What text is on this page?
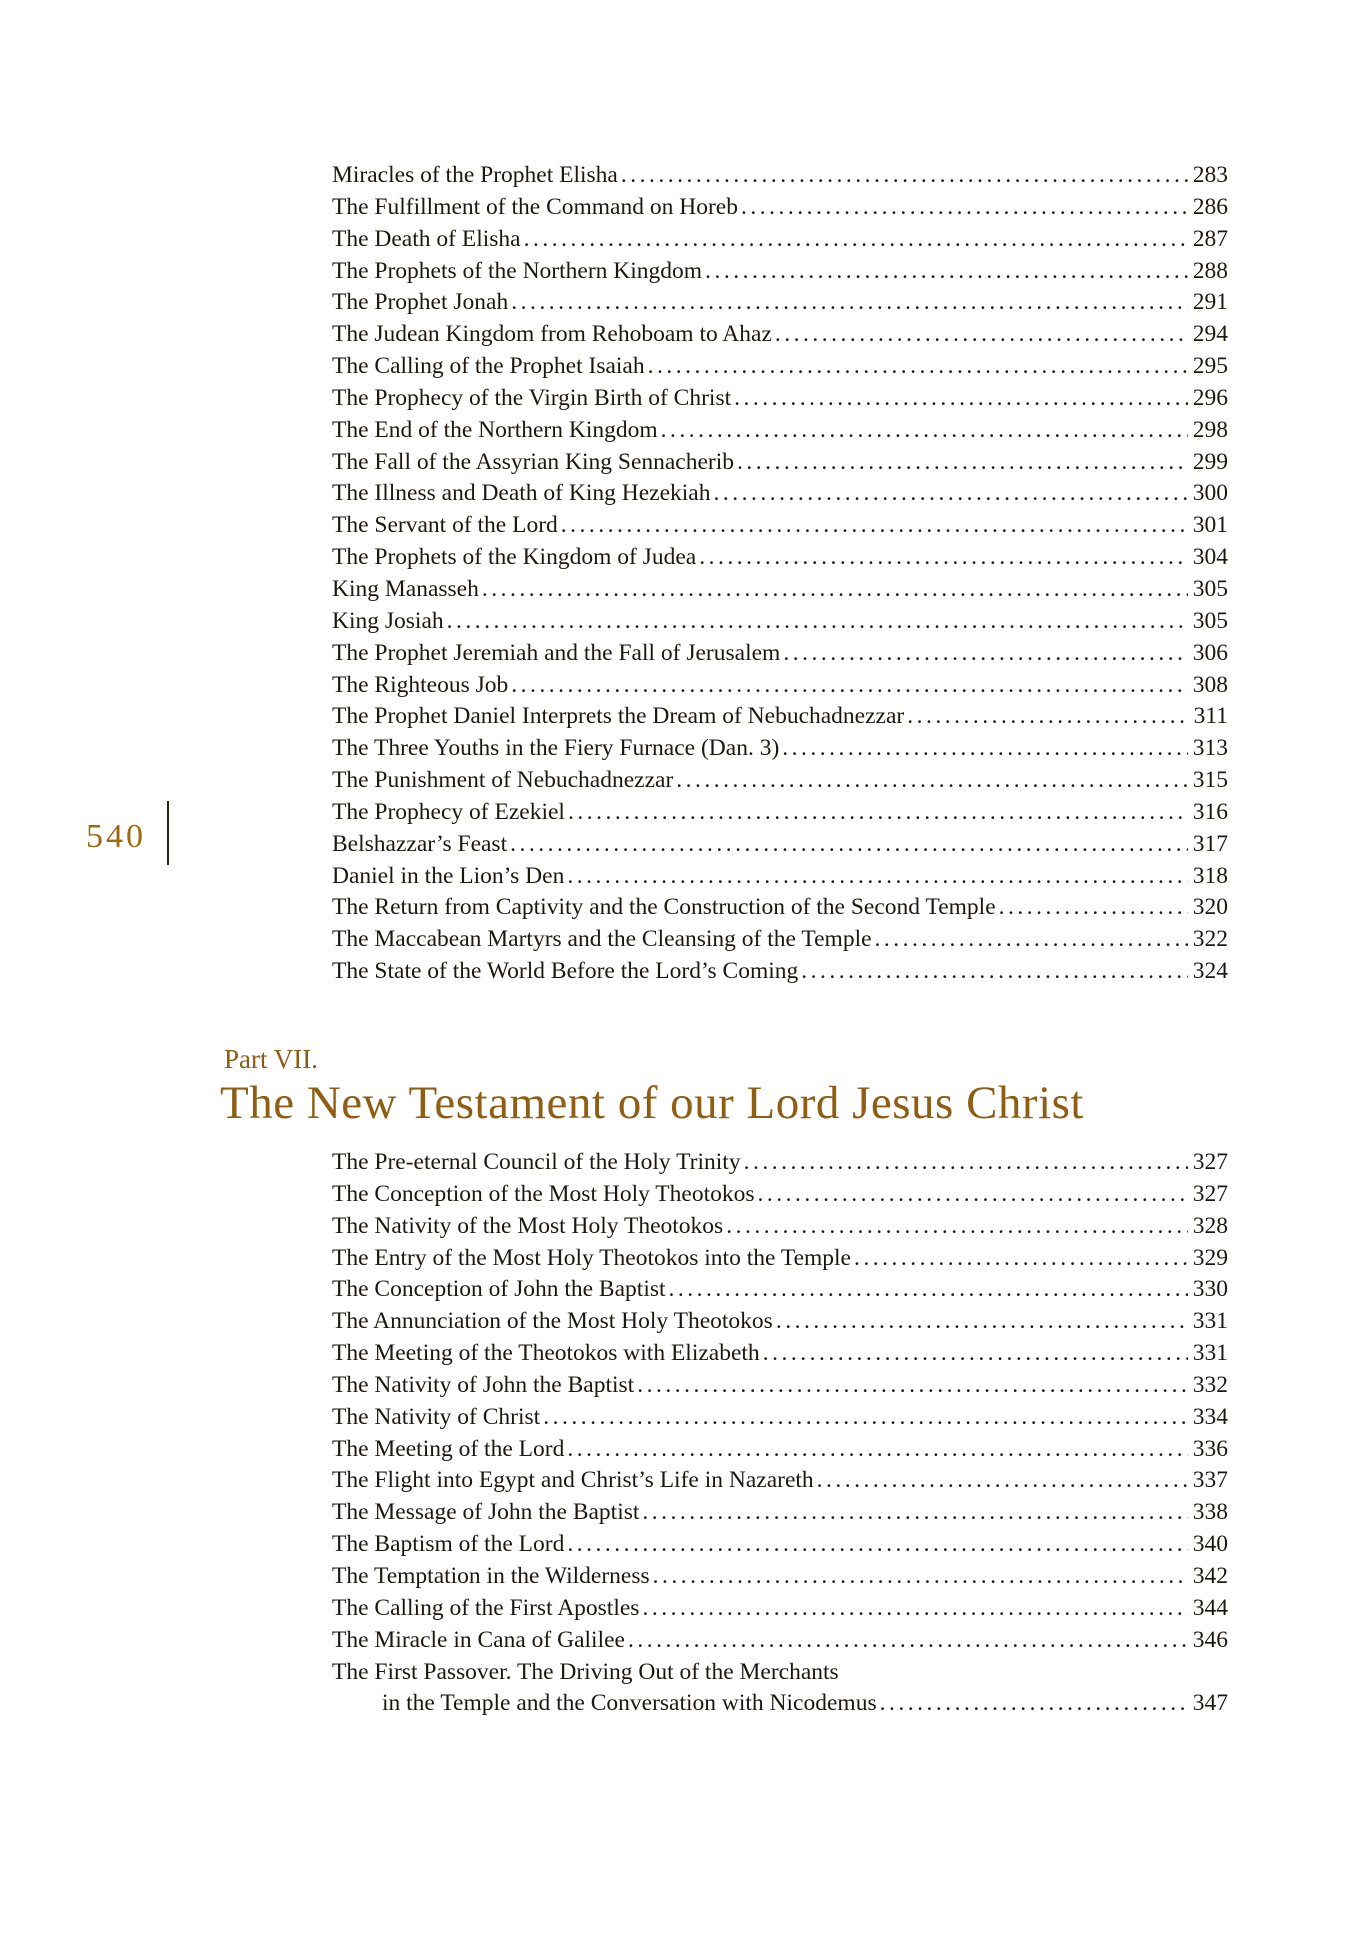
540
Miracles of the Prophet Elisha .....	283
The Fulfillment of the Command on Horeb .....	286
The Death of Elisha .....	287
The Prophets of the Northern Kingdom .....	288
The Prophet Jonah .....	291
The Judean Kingdom from Rehoboam to Ahaz .....	294
The Calling of the Prophet Isaiah .....	295
The Prophecy of the Virgin Birth of Christ .....	296
The End of the Northern Kingdom .....	298
The Fall of the Assyrian King Sennacherib .....	299
The Illness and Death of King Hezekiah .....	300
The Servant of the Lord .....	301
The Prophets of the Kingdom of Judea .....	304
King Manasseh .....	305
King Josiah .....	305
The Prophet Jeremiah and the Fall of Jerusalem .....	306
The Righteous Job .....	308
The Prophet Daniel Interprets the Dream of Nebuchadnezzar .....	311
The Three Youths in the Fiery Furnace (Dan. 3) .....	313
The Punishment of Nebuchadnezzar .....	315
The Prophecy of Ezekiel .....	316
Belshazzar’s Feast .....	317
Daniel in the Lion’s Den .....	318
The Return from Captivity and the Construction of the Second Temple .....	320
The Maccabean Martyrs and the Cleansing of the Temple .....	322
The State of the World Before the Lord’s Coming .....	324
Part VII.
The New Testament of our Lord Jesus Christ
The Pre-eternal Council of the Holy Trinity .....	327
The Conception of the Most Holy Theotokos .....	327
The Nativity of the Most Holy Theotokos .....	328
The Entry of the Most Holy Theotokos into the Temple .....	329
The Conception of John the Baptist .....	330
The Annunciation of the Most Holy Theotokos .....	331
The Meeting of the Theotokos with Elizabeth .....	331
The Nativity of John the Baptist .....	332
The Nativity of Christ .....	334
The Meeting of the Lord .....	336
The Flight into Egypt and Christ’s Life in Nazareth .....	337
The Message of John the Baptist .....	338
The Baptism of the Lord .....	340
The Temptation in the Wilderness .....	342
The Calling of the First Apostles .....	344
The Miracle in Cana of Galilee .....	346
The First Passover. The Driving Out of the Merchants
in the Temple and the Conversation with Nicodemus .....	347
